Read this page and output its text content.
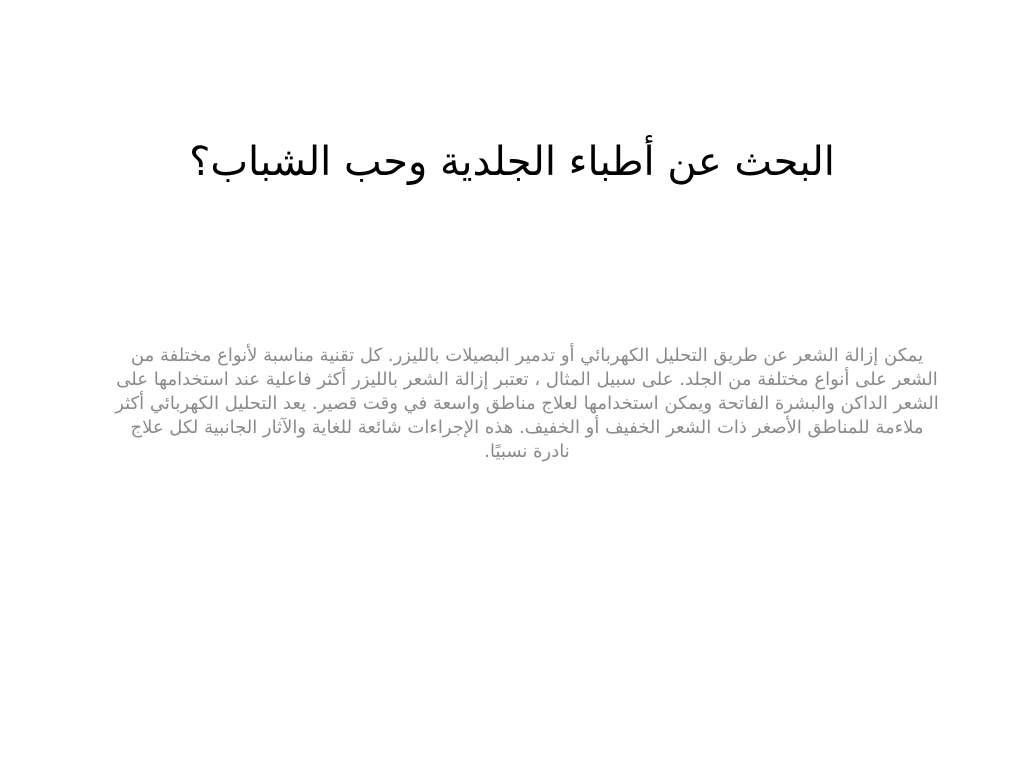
البحث عن أطباء الجلدية وحب الشباب؟

يمكن إزالة الشعر عن طريق التحليل الكهربائي أو تدمير البصيلات بالليزر. كل تقنية مناسبة لأنواع مختلفة من الشعر على أنواع مختلفة من الجلد. على سبيل المثال ، تعتبر إزالة الشعر بالليزر أكثر فاعلية عند استخدامها على الشعر الداكن والبشرة الفاتحة ويمكن استخدامها لعلاج مناطق واسعة في وقت قصير. يعد التحليل الكهربائي أكثر ملاءمة للمناطق الأصغر ذات الشعر الخفيف أو الخفيف. هذه الإجراءات شائعة للغاية والآثار الجانبية لكل علاج نادرة نسبيًا.
